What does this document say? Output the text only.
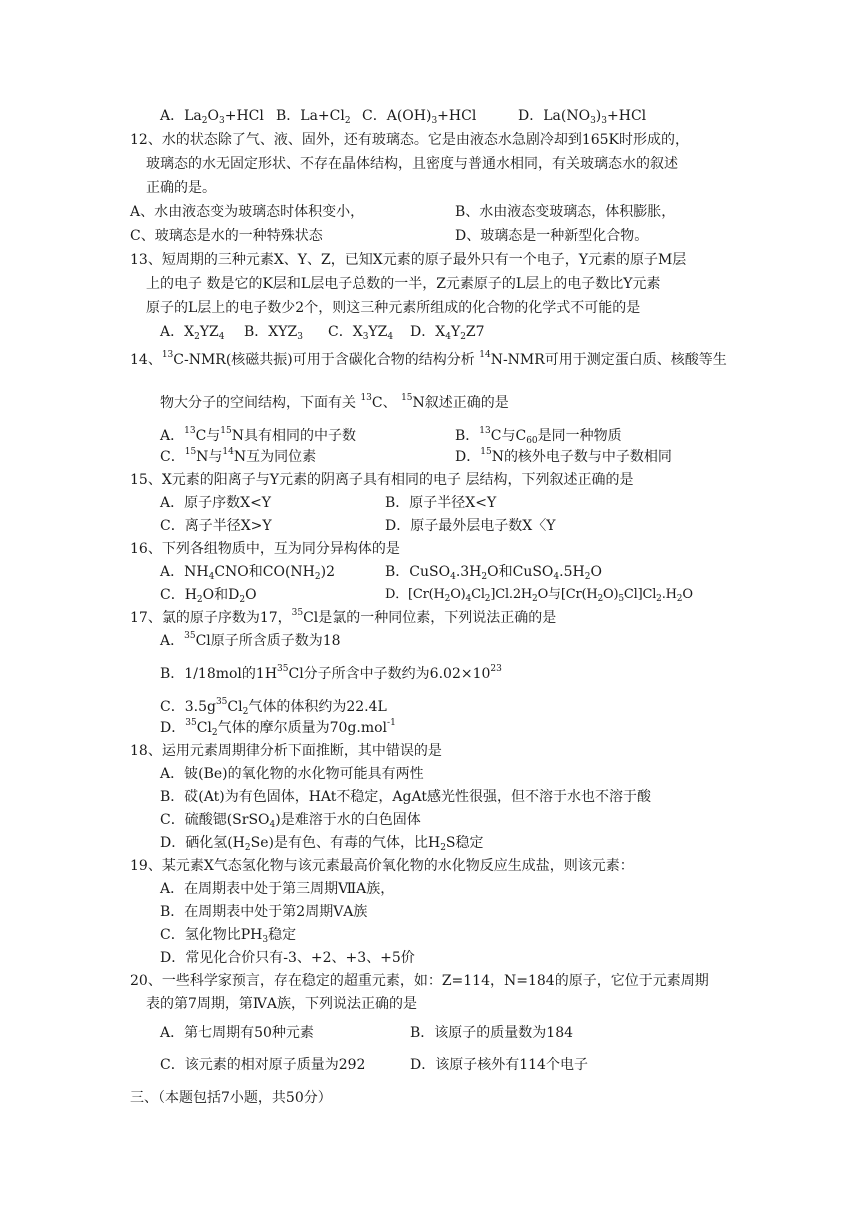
A．$La_2O_3+HCl$ B．$La+Cl_2$ C．$A(OH)_3+HCl$	D．$La(NO_3)_3+HCl$
12、水的状态除了气、液、固外，还有玻璃态。它是由液态水急剧冷却到165K时形成的，
玻璃态的水无固定形状、不存在晶体结构，且密度与普通水相同，有关玻璃态水的叙述
正确的是。
A、水由液态变为玻璃态时体积变小，	B、水由液态变玻璃态，体积膨胀，
C、玻璃态是水的一种特殊状态	D、玻璃态是一种新型化合物。
13、短周期的三种元素X、Y、Z，已知X元素的原子最外只有一个电子，Y元素的原子M层
上的电子 数是它的K层和L层电子总数的一半，Z元素原子的L层上的电子数比Y元素
原子的L层上的电子数少2个，则这三种元素所组成的化合物的化学式不可能的是
A．$X_2YZ_4$ B．$XYZ_3$ C．$X_3YZ_4$ D．$X_4Y_2Z7$
14、$^{13}$C-NMR(核磁共振)可用于含碳化合物的结构分析 $^{14}$N-NMR可用于测定蛋白质、核酸等生
物大分子的空间结构，下面有关 $^{13}$C、 $^{15}$N叙述正确的是
A．$^{13}$C与$^{15}$N具有相同的中子数	B．$^{13}$C与$C_{60}$是同一种物质
C．$^{15}$N与$^{14}$N互为同位素	D．$^{15}$N的核外电子数与中子数相同
15、X元素的阳离子与Y元素的阴离子具有相同的电子 层结构，下列叙述正确的是
A．原子序数X<Y	B．原子半径X<Y
C．离子半径X>Y	D．原子最外层电子数X〈Y
16、下列各组物质中，互为同分异构体的是
A．$NH_4CNO$和$CO(NH_2)2$	B．$CuSO_4.3H_2O$和$CuSO_4.5H_2O$
C．$H_2O$和$D_2O$	D．$[Cr(H_2O)_4Cl_2]Cl.2H_2O$与$[Cr(H_2O)_5Cl]Cl_2.H_2O$
17、氯的原子序数为17，$^{35}$Cl是氯的一种同位素，下列说法正确的是
A．$^{35}$Cl原子所含质子数为18
B．1/18mol的$1H^{35}Cl$分子所含中子数约为$6.02\times 10^{23}$
C．$3.5g^{35}Cl_2$气体的体积约为22.4L
D．$^{35}Cl_2$气体的摩尔质量为70g.mol$^{-1}$
18、运用元素周期律分析下面推断，其中错误的是
A．铍(Be)的氧化物的水化物可能具有两性
B．砹(At)为有色固体，HAt不稳定，AgAt感光性很强，但不溶于水也不溶于酸
C．硫酸锶(SrSO$_4$)是难溶于水的白色固体
D．硒化氢$(H_2Se)$是有色、有毒的气体，比$H_2S$稳定
19、某元素X气态氢化物与该元素最高价氧化物的水化物反应生成盐，则该元素：
A．在周期表中处于第三周期ⅦA族，
B．在周期表中处于第2周期ⅤA族
C．氢化物比$PH_3$稳定
D．常见化合价只有-3、+2、+3、+5价
20、一些科学家预言，存在稳定的超重元素，如：Z=114，N=184的原子，它位于元素周期
表的第7周期，第ⅣA族，下列说法正确的是
A．第七周期有50种元素	B．该原子的质量数为184
C．该元素的相对原子质量为292	D．该原子核外有114个电子
三、（本题包括7小题，共50分）
